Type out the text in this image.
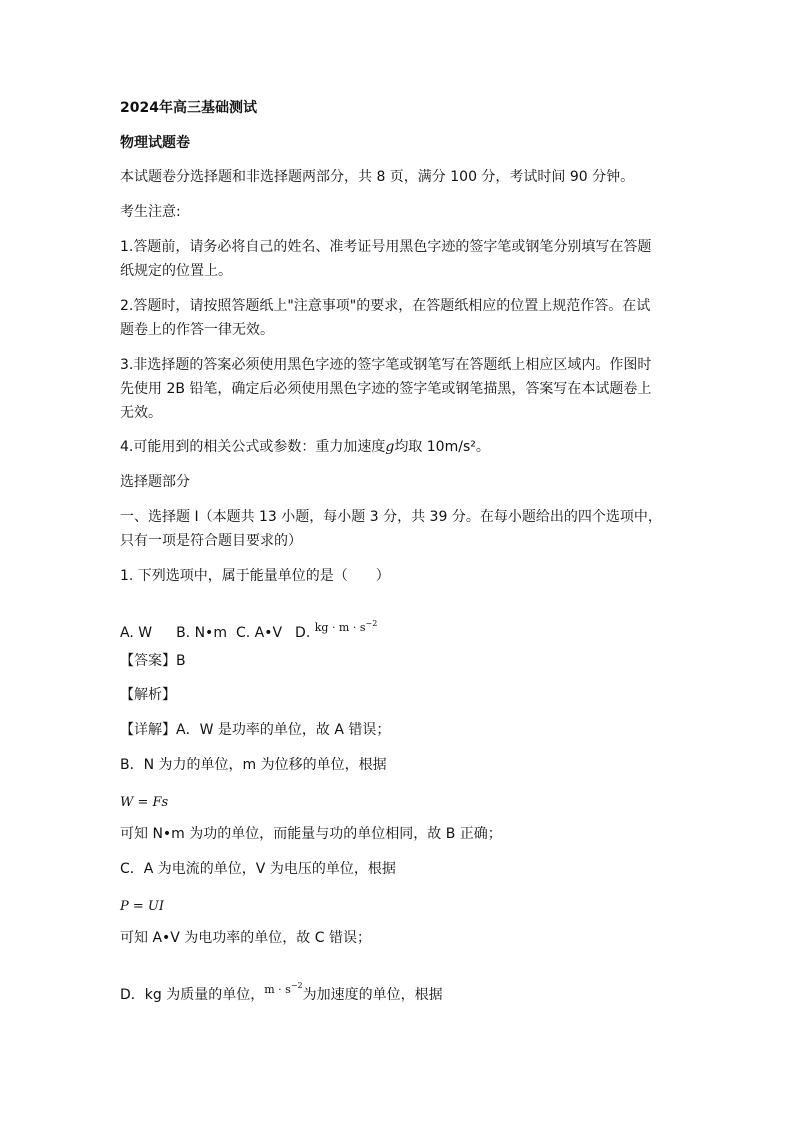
2024年高三基础测试
物理试题卷
本试题卷分选择题和非选择题两部分，共 8 页，满分 100 分，考试时间 90 分钟。
考生注意:
1.答题前，请务必将自己的姓名、准考证号用黑色字迹的签字笔或钢笔分别填写在答题
纸规定的位置上。
2.答题时，请按照答题纸上"注意事项"的要求，在答题纸相应的位置上规范作答。在试
题卷上的作答一律无效。
3.非选择题的答案必须使用黑色字迹的签字笔或钢笔写在答题纸上相应区域内。作图时
先使用 2B 铅笔，确定后必须使用黑色字迹的签字笔或钢笔描黑，答案写在本试题卷上
无效。
4.可能用到的相关公式或参数：重力加速度g均取 10m/s²。
选择题部分
一、选择题 I（本题共 13 小题，每小题 3 分，共 39 分。在每小题给出的四个选项中，
只有一项是符合题目要求的）
1. 下列选项中，属于能量单位的是（　　）
A. W B. N•m C. A•V D. kg · $m \cdot s^{-2}$
【答案】B
【解析】
【详解】A．W 是功率的单位，故 A 错误；
B．N 为力的单位，m 为位移的单位，根据
W = Fs
可知 N•m 为功的单位，而能量与功的单位相同，故 B 正确；
C．A 为电流的单位，V 为电压的单位，根据
P = UI
可知 A•V 为电功率的单位，故 C 错误；
D．kg 为质量的单位，$m \cdot s^{-2}$为加速度的单位，根据
